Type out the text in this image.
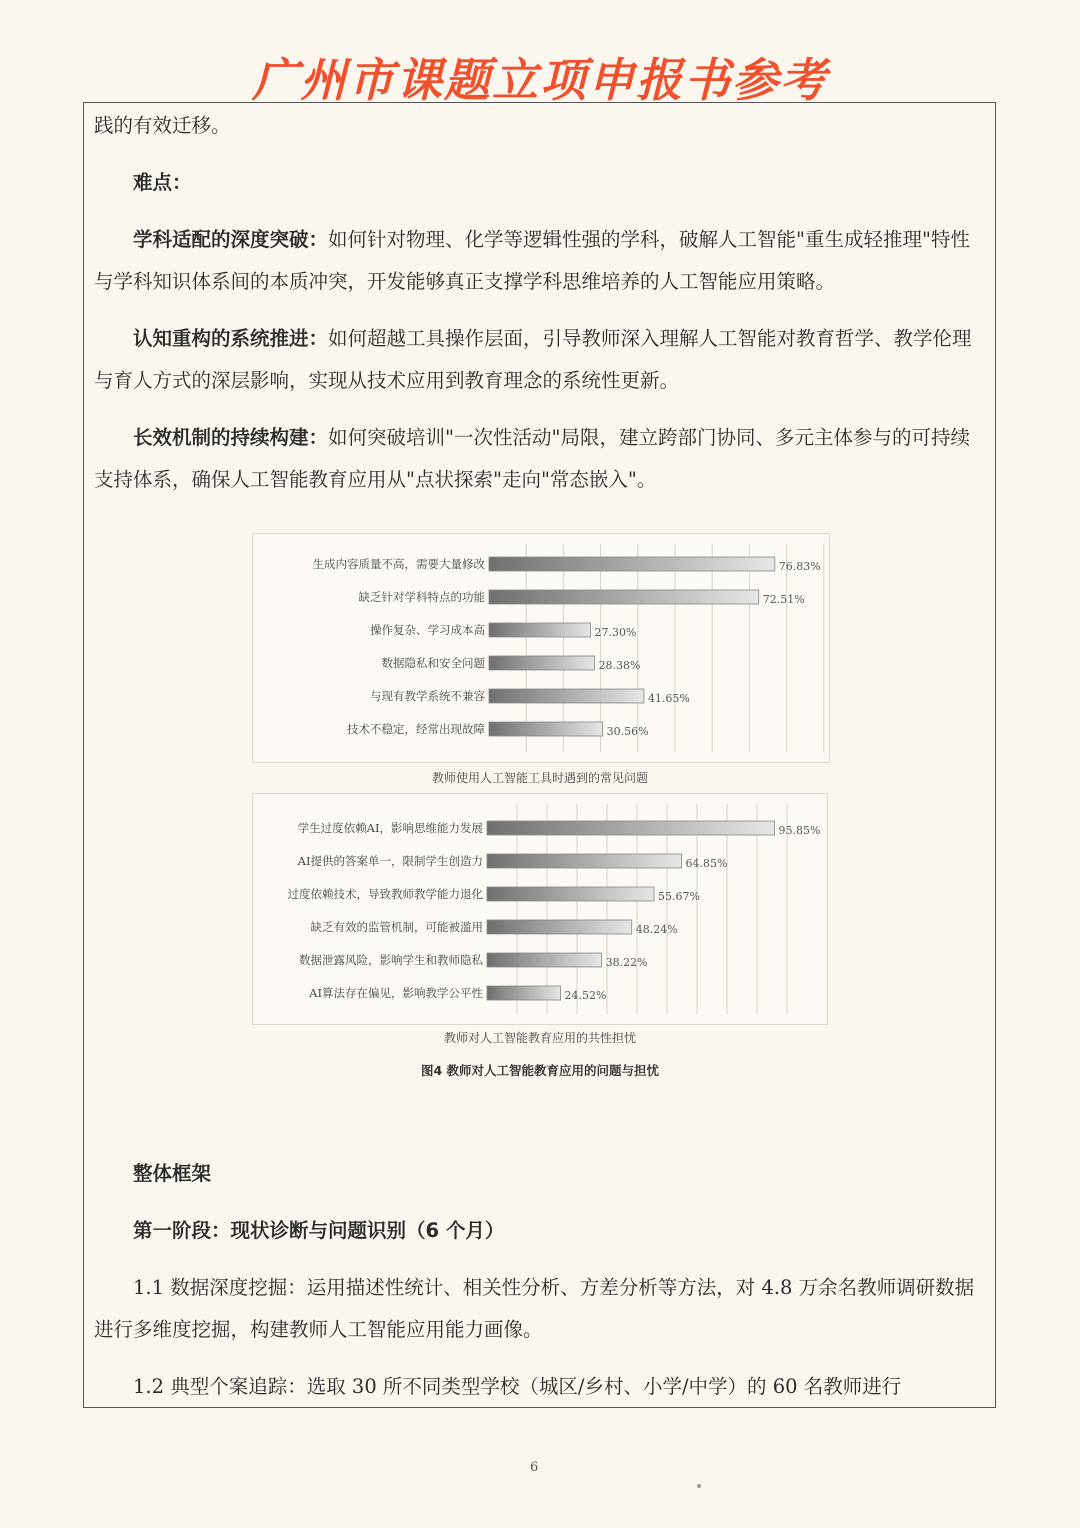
广州市课题立项申报书参考

践的有效迁移。

难点：

学科适配的深度突破：如何针对物理、化学等逻辑性强的学科，破解人工智能"重生成轻推理"特性与学科知识体系间的本质冲突，开发能够真正支撑学科思维培养的人工智能应用策略。

认知重构的系统推进：如何超越工具操作层面，引导教师深入理解人工智能对教育哲学、教学伦理与育人方式的深层影响，实现从技术应用到教育理念的系统性更新。

长效机制的持续构建：如何突破培训"一次性活动"局限，建立跨部门协同、多元主体参与的可持续支持体系，确保人工智能教育应用从"点状探索"走向"常态嵌入"。

生成内容质量不高，需要大量修改	76.83%
缺乏针对学科特点的功能	72.51%
操作复杂、学习成本高	27.30%
数据隐私和安全问题	28.38%
与现有教学系统不兼容	41.65%
技术不稳定，经常出现故障	30.56%
教师使用人工智能工具时遇到的常见问题
学生过度依赖AI，影响思维能力发展	95.85%
AI提供的答案单一，限制学生创造力	64.85%
过度依赖技术，导致教师教学能力退化	55.67%
缺乏有效的监管机制，可能被滥用	48.24%
数据泄露风险，影响学生和教师隐私	38.22%
AI算法存在偏见，影响教学公平性	24.52%
教师对人工智能教育应用的共性担忧
图4 教师对人工智能教育应用的问题与担忧

整体框架

第一阶段：现状诊断与问题识别（6 个月）

1.1 数据深度挖掘：运用描述性统计、相关性分析、方差分析等方法，对 4.8 万余名教师调研数据进行多维度挖掘，构建教师人工智能应用能力画像。

1.2 典型个案追踪：选取 30 所不同类型学校（城区/乡村、小学/中学）的 60 名教师进行

6
